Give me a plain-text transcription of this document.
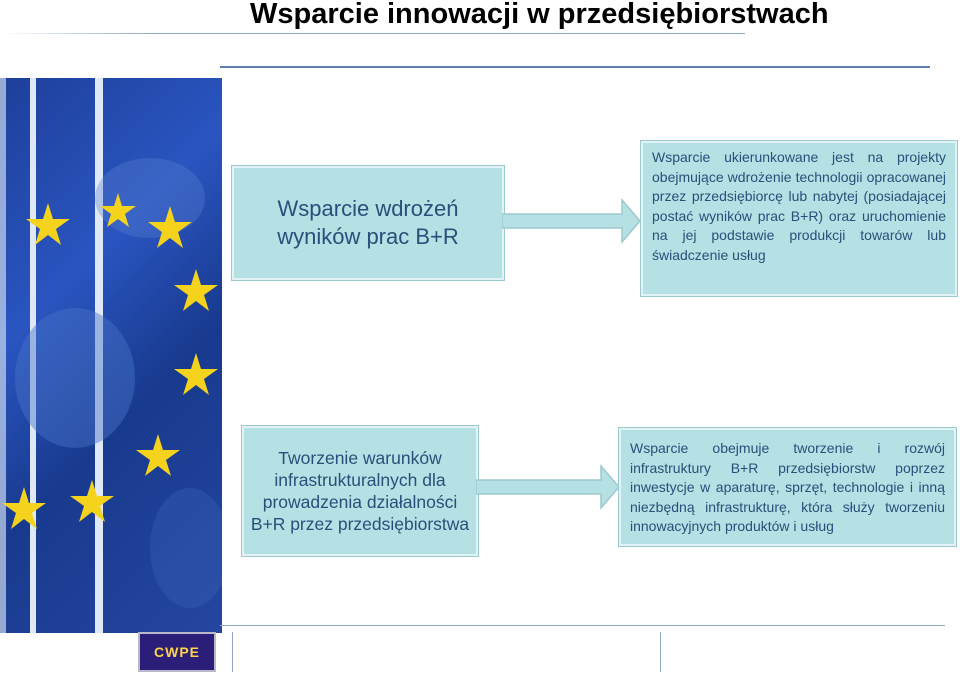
Wsparcie innowacji w przedsiębiorstwach
Wsparcie wdrożeń wyników prac B+R
Wsparcie ukierunkowane jest na projekty obejmujące wdrożenie technologii opracowanej przez przedsiębiorcę lub nabytej (posiadającej postać wyników prac B+R) oraz uruchomienie na jej podstawie produkcji towarów lub świadczenie usług
Tworzenie warunków infrastrukturalnych dla prowadzenia działalności B+R przez przedsiębiorstwa
Wsparcie obejmuje tworzenie i rozwój infrastruktury B+R przedsiębiorstw poprzez inwestycje w aparaturę, sprzęt, technologie i inną niezbędną infrastrukturę, która służy tworzeniu innowacyjnych produktów i usług
CWPE
